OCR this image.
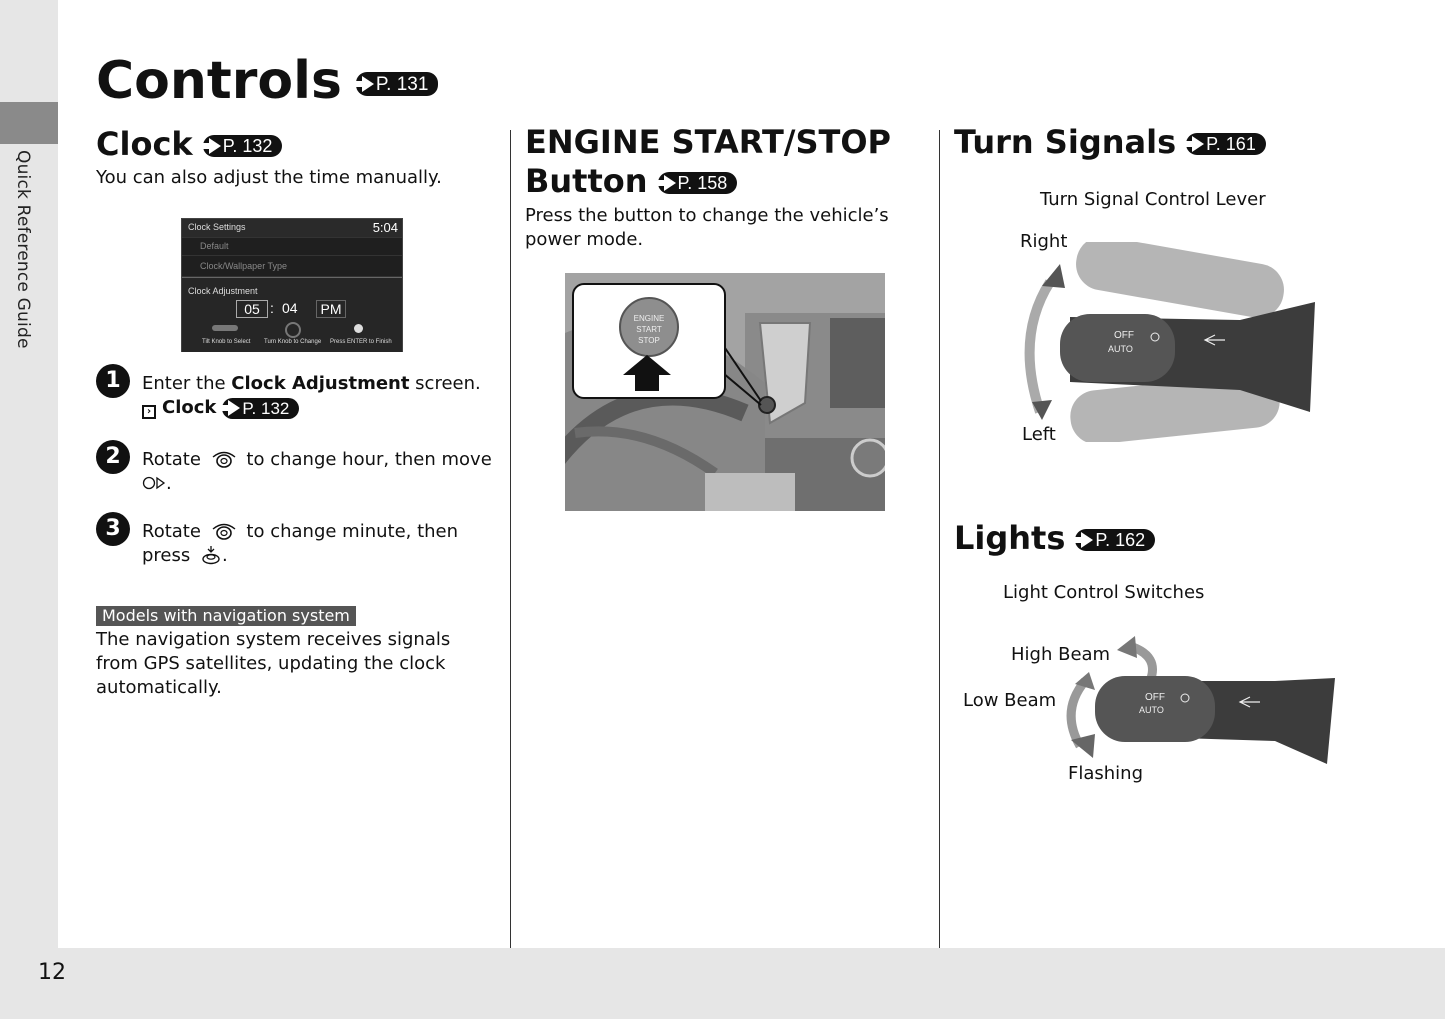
Quick Reference Guide
12
Controls P. 131
Clock P. 132

You can also adjust the time manually.

Clock Settings	5:04
Default
Clock/Wallpaper Type
Clock Adjustment
05 : 04	PM
Tilt Knob to Select Turn Knob to Change Press ENTER to Finish
1	Enter the Clock Adjustment screen.

› Clock P. 132

2	Rotate	to change hour, then move

.

3	Rotate	to change minute, then

press .

Models with navigation system

The navigation system receives signals from GPS satellites, updating the clock automatically.

ENGINE START/STOP
Button P. 158

Press the button to change the vehicle’s power mode.

ENGINE
START
STOP
Turn Signals P. 161

Turn Signal Control Lever

Right

Left

OFF
AUTO
Lights P. 162

Light Control Switches

High Beam

Low Beam

Flashing

OFF
AUTO
